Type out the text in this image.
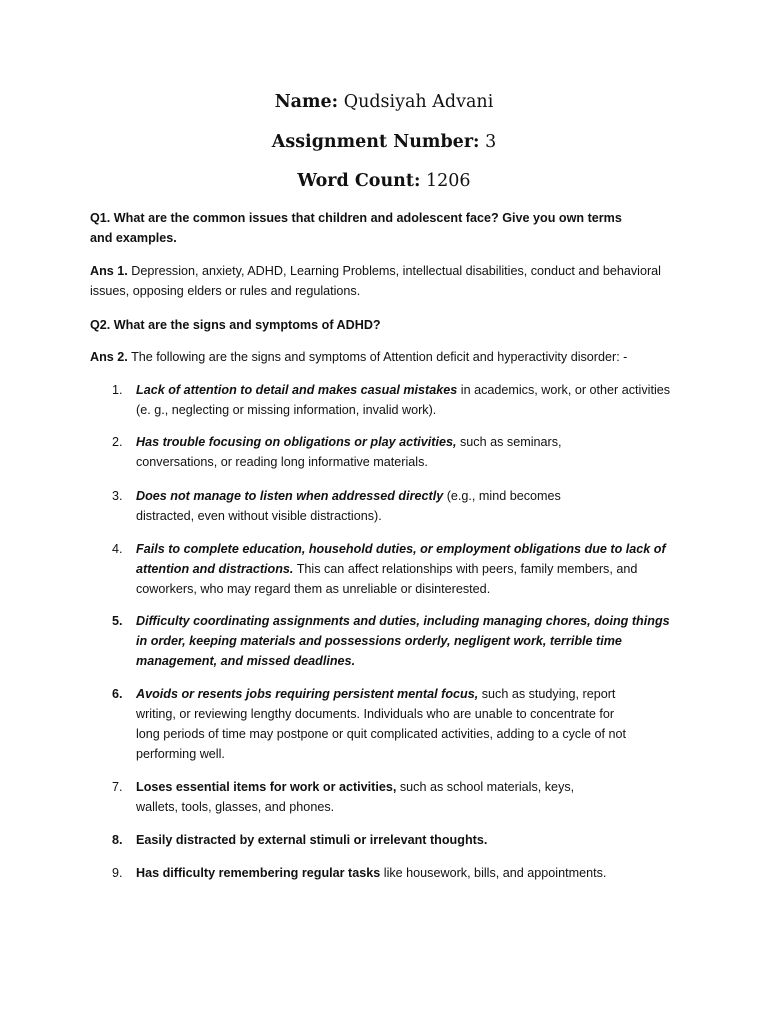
Name: Qudsiyah Advani
Assignment Number: 3
Word Count: 1206
Q1. What are the common issues that children and adolescent face? Give you own terms and examples.
Ans 1. Depression, anxiety, ADHD, Learning Problems, intellectual disabilities, conduct and behavioral issues, opposing elders or rules and regulations.
Q2. What are the signs and symptoms of ADHD?
Ans 2. The following are the signs and symptoms of Attention deficit and hyperactivity disorder: -
1.	Lack of attention to detail and makes casual mistakes in academics, work, or other activities (e. g., neglecting or missing information, invalid work).
2.	Has trouble focusing on obligations or play activities, such as seminars, conversations, or reading long informative materials.
3.	Does not manage to listen when addressed directly (e.g., mind becomes distracted, even without visible distractions).
4.	Fails to complete education, household duties, or employment obligations due to lack of attention and distractions. This can affect relationships with peers, family members, and coworkers, who may regard them as unreliable or disinterested.
5.	Difficulty coordinating assignments and duties, including managing chores, doing things in order, keeping materials and possessions orderly, negligent work, terrible time management, and missed deadlines.
6.	Avoids or resents jobs requiring persistent mental focus, such as studying, report writing, or reviewing lengthy documents. Individuals who are unable to concentrate for long periods of time may postpone or quit complicated activities, adding to a cycle of not performing well.
7.	Loses essential items for work or activities, such as school materials, keys, wallets, tools, glasses, and phones.
8.	Easily distracted by external stimuli or irrelevant thoughts.
9.	Has difficulty remembering regular tasks like housework, bills, and appointments.
